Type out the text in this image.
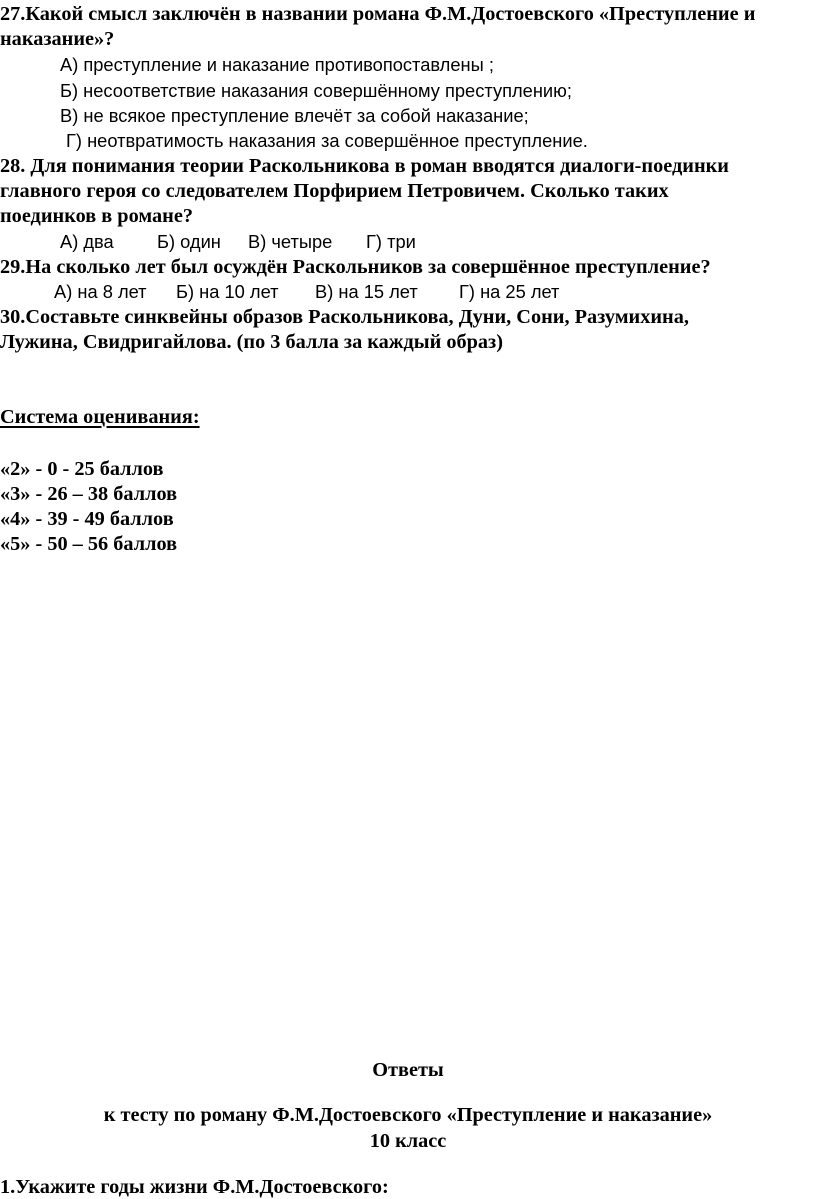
27.Какой смысл заключён в названии романа Ф.М.Достоевского «Преступление и
наказание»?
А) преступление и наказание противопоставлены ;
Б) несоответствие наказания совершённому преступлению;
В) не всякое преступление влечёт за собой наказание;
Г) неотвратимость наказания за совершённое преступление.
28. Для понимания теории Раскольникова в роман вводятся диалоги-поединки
главного героя со следователем Порфирием Петровичем. Сколько таких
поединков в романе?
А) два Б) один В) четыре Г) три
29.На сколько лет был осуждён Раскольников за совершённое преступление?
А) на 8 лет Б) на 10 лет В) на 15 лет Г) на 25 лет
30.Составьте синквейны образов Раскольникова, Дуни, Сони, Разумихина,
Лужина, Свидригайлова. (по 3 балла за каждый образ)
Система оценивания:
«2» - 0 - 25 баллов
«3» - 26 – 38 баллов
«4» - 39 - 49 баллов
«5» - 50 – 56 баллов
Ответы
к тесту по роману Ф.М.Достоевского «Преступление и наказание»
10 класс
1.Укажите годы жизни Ф.М.Достоевского:
